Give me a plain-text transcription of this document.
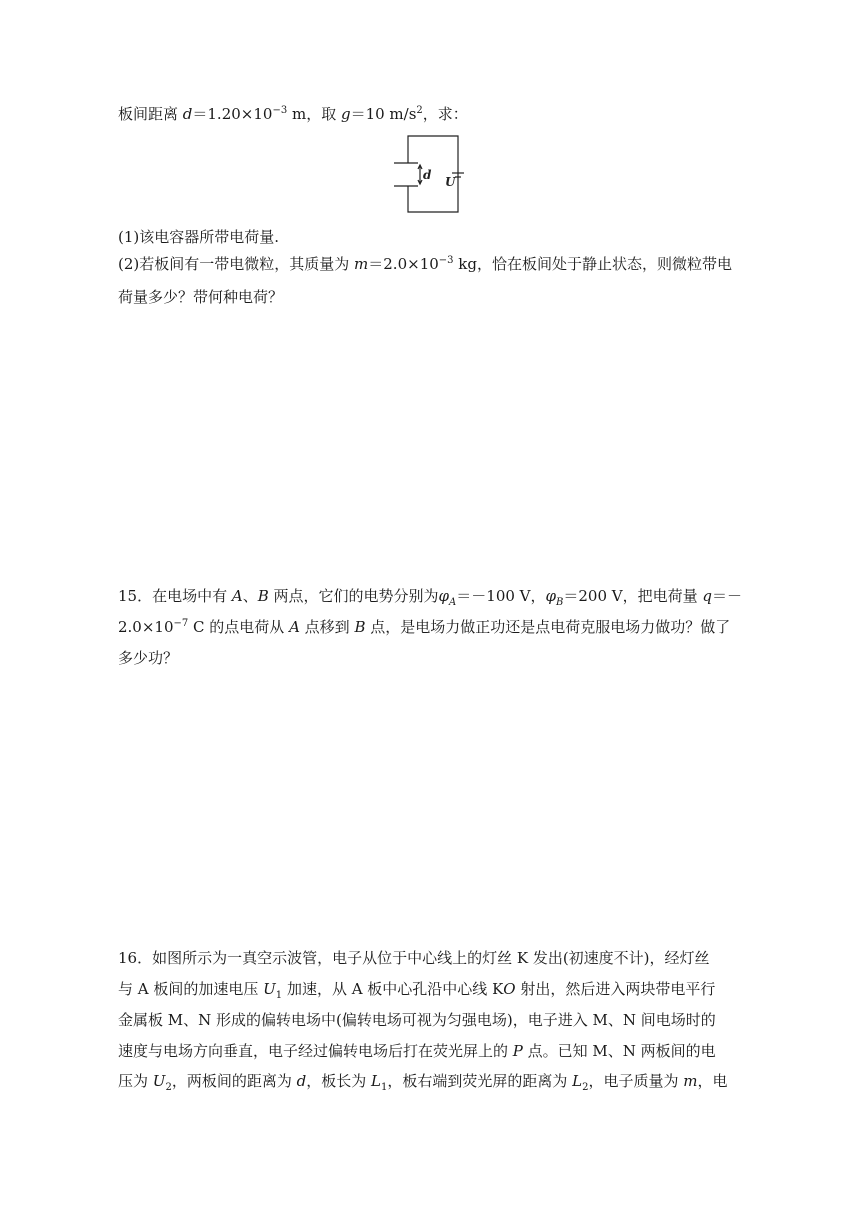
板间距离 $d=1.20\times 10^{-3}$ m，取 g＝10 $m/s^2$，求：
d U
(1)该电容器所带电荷量.
(2)若板间有一带电微粒，其质量为 $m=2.0\times 10^{-3}$ kg，恰在板间处于静止状态，则微粒带电
荷量多少？带何种电荷？
15．在电场中有 A、B 两点，它们的电势分别为$\varphi_A=-100$ V，$\varphi_B=200$ V，把电荷量 q＝－
$2.0\times 10^{-7}$ C 的点电荷从 A 点移到 B 点，是电场力做正功还是点电荷克服电场力做功？做了
多少功？
16．如图所示为一真空示波管，电子从位于中心线上的灯丝 K 发出(初速度不计)，经灯丝
与 A 板间的加速电压 $U_1$ 加速，从 A 板中心孔沿中心线 KO 射出，然后进入两块带电平行
金属板 M、N 形成的偏转电场中(偏转电场可视为匀强电场)，电子进入 M、N 间电场时的
速度与电场方向垂直，电子经过偏转电场后打在荧光屏上的 P 点。已知 M、N 两板间的电
压为 $U_2$，两板间的距离为 d，板长为 $L_1$，板右端到荧光屏的距离为 $L_2$，电子质量为 m，电
